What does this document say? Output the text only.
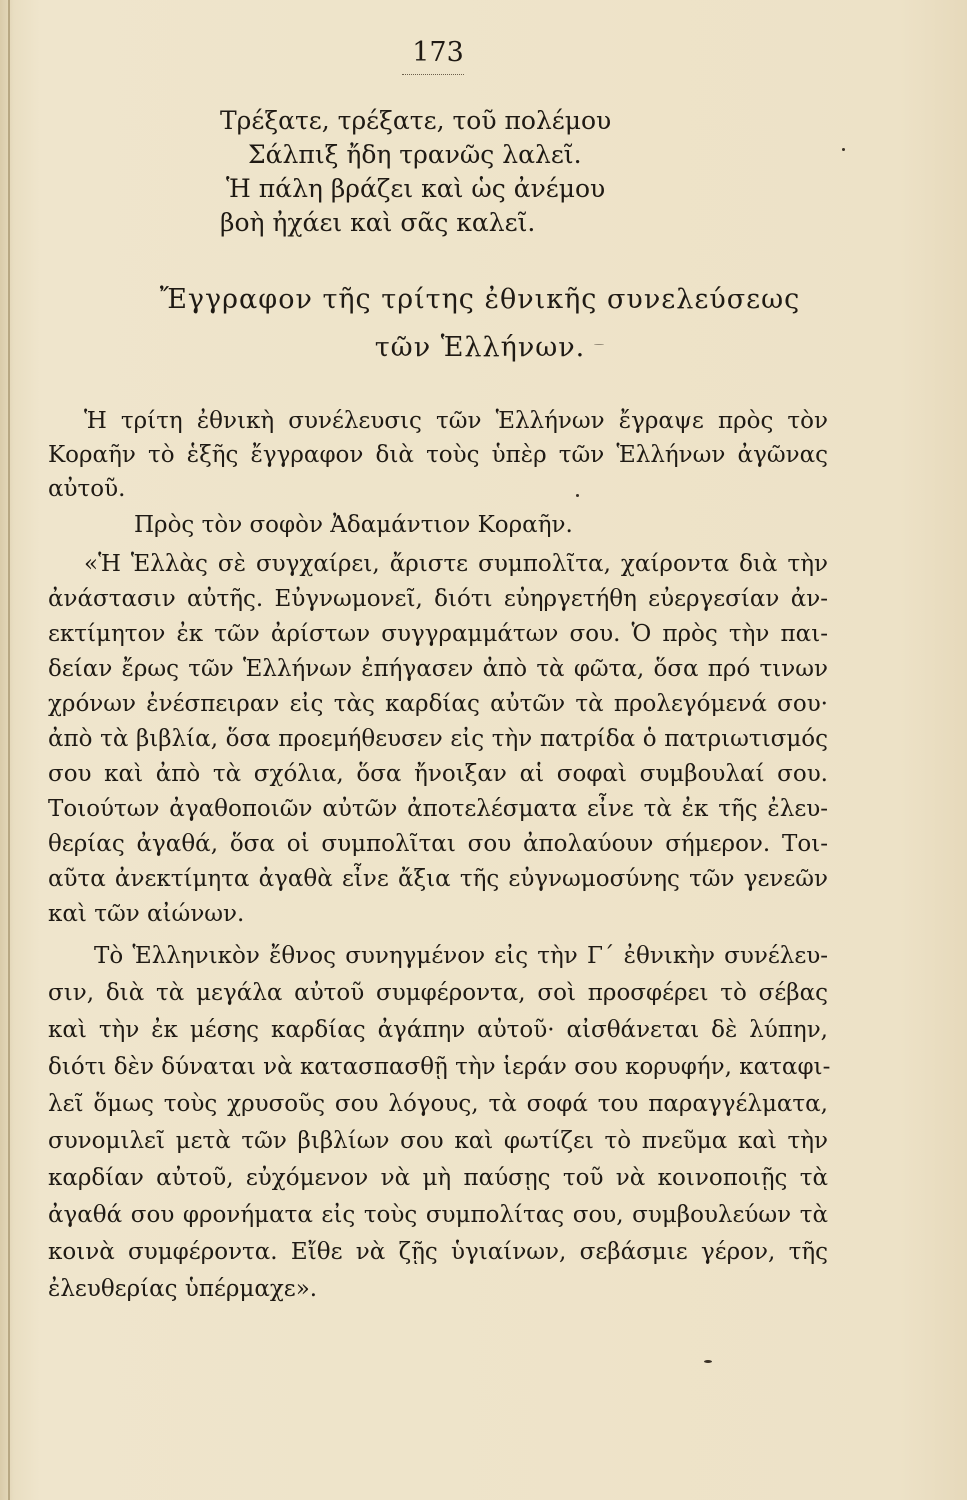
173
Τρέξατε, τρέξατε, τοῦ πολέμου
Σάλπιξ ἤδη τρανῶς λαλεῖ.
Ἡ πάλη βράζει καὶ ὡς ἀνέμου
βοὴ ἠχάει καὶ σᾶς καλεῖ.
Ἔγγραφον τῆς τρίτης ἐθνικῆς συνελεύσεως
τῶν Ἑλλήνων.
Ἡ τρίτη ἐθνικὴ συνέλευσις τῶν Ἑλλήνων ἔγραψε πρὸς τὸν
Κοραῆν τὸ ἑξῆς ἔγγραφον διὰ τοὺς ὑπὲρ τῶν Ἑλλήνων ἀγῶνας
αὐτοῦ.
Πρὸς τὸν σοφὸν Ἀδαμάντιον Κοραῆν.
«Ἡ Ἑλλὰς σὲ συγχαίρει, ἄριστε συμπολῖτα, χαίροντα διὰ τὴν
ἀνάστασιν αὐτῆς. Εὐγνωμονεῖ, διότι εὐηργετήθη εὐεργεσίαν ἀν-
εκτίμητον ἐκ τῶν ἀρίστων συγγραμμάτων σου. Ὁ πρὸς τὴν παι-
δείαν ἔρως τῶν Ἑλλήνων ἐπήγασεν ἀπὸ τὰ φῶτα, ὅσα πρό τινων
χρόνων ἐνέσπειραν εἰς τὰς καρδίας αὐτῶν τὰ προλεγόμενά σου·
ἀπὸ τὰ βιβλία, ὅσα προεμήθευσεν εἰς τὴν πατρίδα ὁ πατριωτισμός
σου καὶ ἀπὸ τὰ σχόλια, ὅσα ἤνοιξαν αἱ σοφαὶ συμβουλαί σου.
Τοιούτων ἀγαθοποιῶν αὐτῶν ἀποτελέσματα εἶνε τὰ ἐκ τῆς ἐλευ-
θερίας ἀγαθά, ὅσα οἱ συμπολῖται σου ἀπολαύουν σήμερον. Τοι-
αῦτα ἀνεκτίμητα ἀγαθὰ εἶνε ἄξια τῆς εὐγνωμοσύνης τῶν γενεῶν
καὶ τῶν αἰώνων.
Τὸ Ἑλληνικὸν ἔθνος συνηγμένον εἰς τὴν Γ΄ ἐθνικὴν συνέλευ-
σιν, διὰ τὰ μεγάλα αὐτοῦ συμφέροντα, σοὶ προσφέρει τὸ σέβας
καὶ τὴν ἐκ μέσης καρδίας ἀγάπην αὐτοῦ· αἰσθάνεται δὲ λύπην,
διότι δὲν δύναται νὰ κατασπασθῇ τὴν ἱεράν σου κορυφήν, καταφι-
λεῖ ὅμως τοὺς χρυσοῦς σου λόγους, τὰ σοφά του παραγγέλματα,
συνομιλεῖ μετὰ τῶν βιβλίων σου καὶ φωτίζει τὸ πνεῦμα καὶ τὴν
καρδίαν αὐτοῦ, εὐχόμενον νὰ μὴ παύσῃς τοῦ νὰ κοινοποιῇς τὰ
ἀγαθά σου φρονήματα εἰς τοὺς συμπολίτας σου, συμβουλεύων τὰ
κοινὰ συμφέροντα. Εἴθε νὰ ζῇς ὑγιαίνων, σεβάσμιε γέρον, τῆς
ἐλευθερίας ὑπέρμαχε».
